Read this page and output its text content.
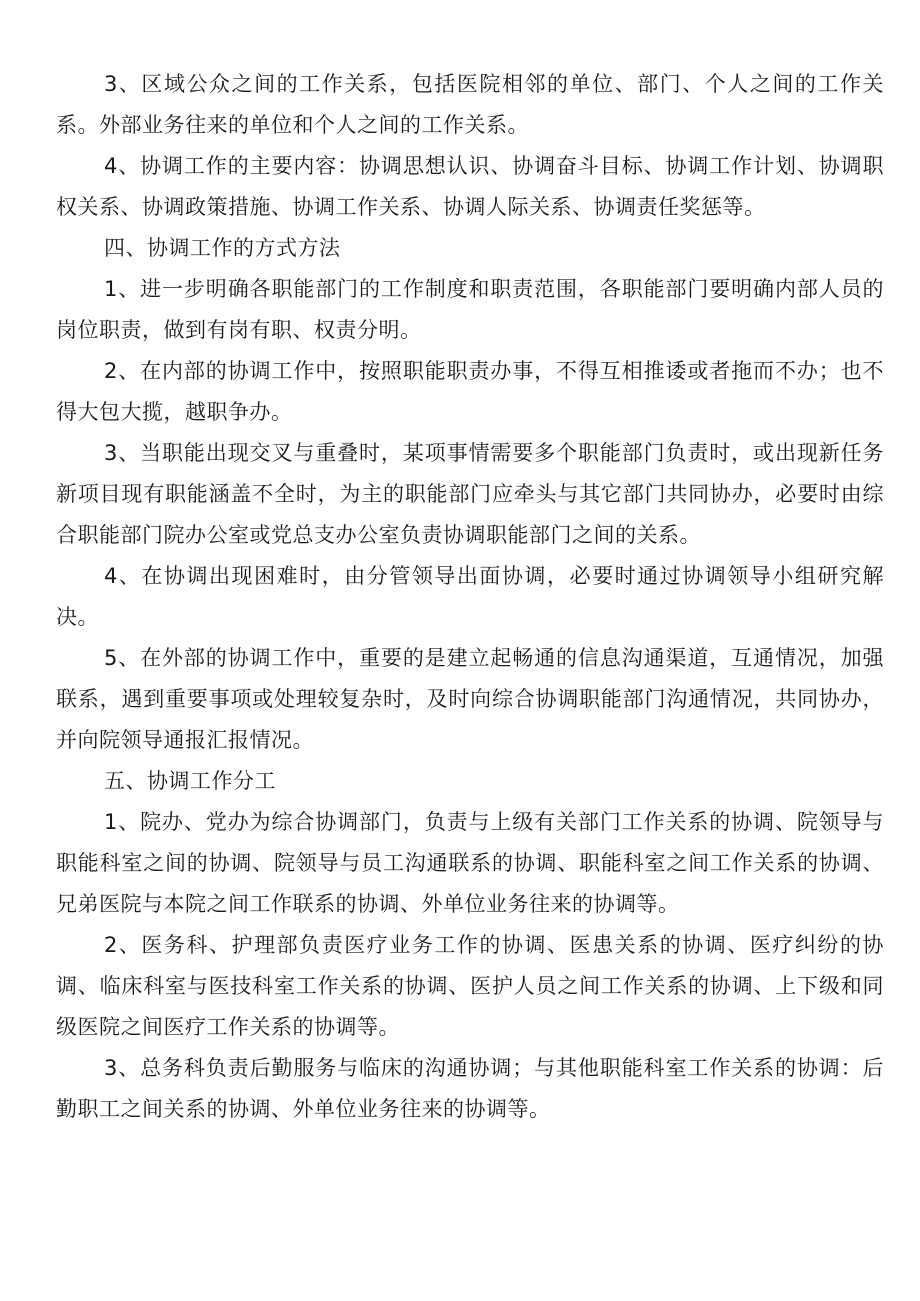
3、区域公众之间的工作关系，包括医院相邻的单位、部门、个人之间的工作关系。外部业务往来的单位和个人之间的工作关系。

4、协调工作的主要内容：协调思想认识、协调奋斗目标、协调工作计划、协调职权关系、协调政策措施、协调工作关系、协调人际关系、协调责任奖惩等。

四、协调工作的方式方法

1、进一步明确各职能部门的工作制度和职责范围，各职能部门要明确内部人员的岗位职责，做到有岗有职、权责分明。

2、在内部的协调工作中，按照职能职责办事，不得互相推诿或者拖而不办；也不得大包大揽，越职争办。

3、当职能出现交叉与重叠时，某项事情需要多个职能部门负责时，或出现新任务新项目现有职能涵盖不全时，为主的职能部门应牵头与其它部门共同协办，必要时由综合职能部门院办公室或党总支办公室负责协调职能部门之间的关系。

4、在协调出现困难时，由分管领导出面协调，必要时通过协调领导小组研究解决。

5、在外部的协调工作中，重要的是建立起畅通的信息沟通渠道，互通情况，加强联系，遇到重要事项或处理较复杂时，及时向综合协调职能部门沟通情况，共同协办，并向院领导通报汇报情况。

五、协调工作分工

1、院办、党办为综合协调部门，负责与上级有关部门工作关系的协调、院领导与职能科室之间的协调、院领导与员工沟通联系的协调、职能科室之间工作关系的协调、兄弟医院与本院之间工作联系的协调、外单位业务往来的协调等。

2、医务科、护理部负责医疗业务工作的协调、医患关系的协调、医疗纠纷的协调、临床科室与医技科室工作关系的协调、医护人员之间工作关系的协调、上下级和同级医院之间医疗工作关系的协调等。

3、总务科负责后勤服务与临床的沟通协调；与其他职能科室工作关系的协调：后勤职工之间关系的协调、外单位业务往来的协调等。
